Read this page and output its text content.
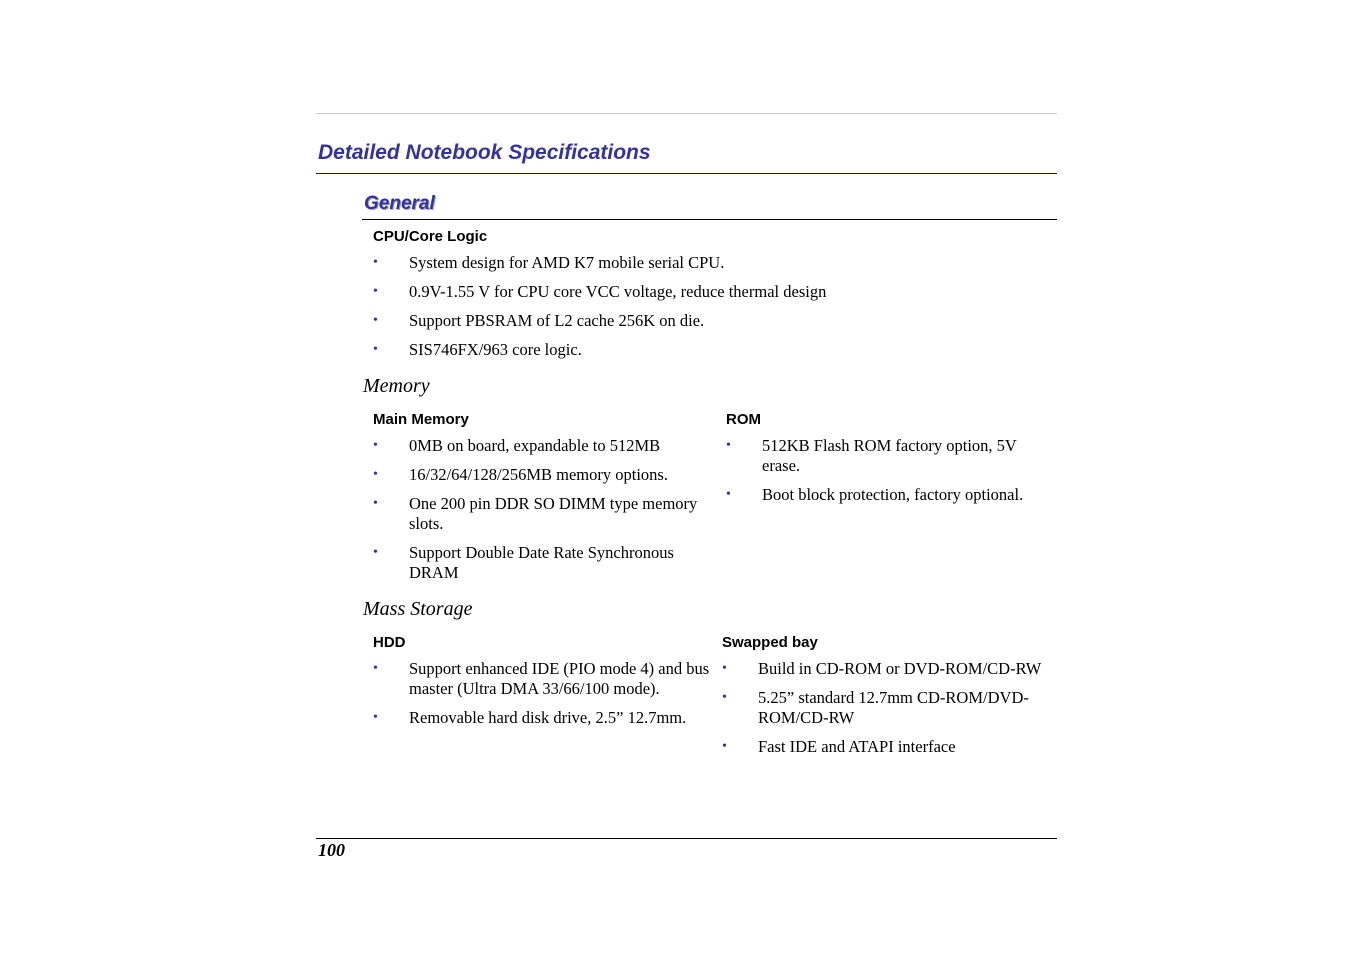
Detailed Notebook Specifications
General
CPU/Core Logic
• System design for AMD K7 mobile serial CPU.
• 0.9V-1.55 V for CPU core VCC voltage, reduce thermal design
• Support PBSRAM of L2 cache 256K on die.
• SIS746FX/963 core logic.
Memory
Main Memory
• 0MB on board, expandable to 512MB
• 16/32/64/128/256MB memory options.
• One 200 pin DDR SO DIMM type memory slots.
• Support Double Date Rate Synchronous DRAM
ROM
• 512KB Flash ROM factory option, 5V erase.
• Boot block protection, factory optional.
Mass Storage
HDD
• Support enhanced IDE (PIO mode 4) and bus master (Ultra DMA 33/66/100 mode).
• Removable hard disk drive, 2.5” 12.7mm.
Swapped bay
• Build in CD-ROM or DVD-ROM/CD-RW
• 5.25” standard 12.7mm CD-ROM/DVD-ROM/CD-RW
• Fast IDE and ATAPI interface
100
